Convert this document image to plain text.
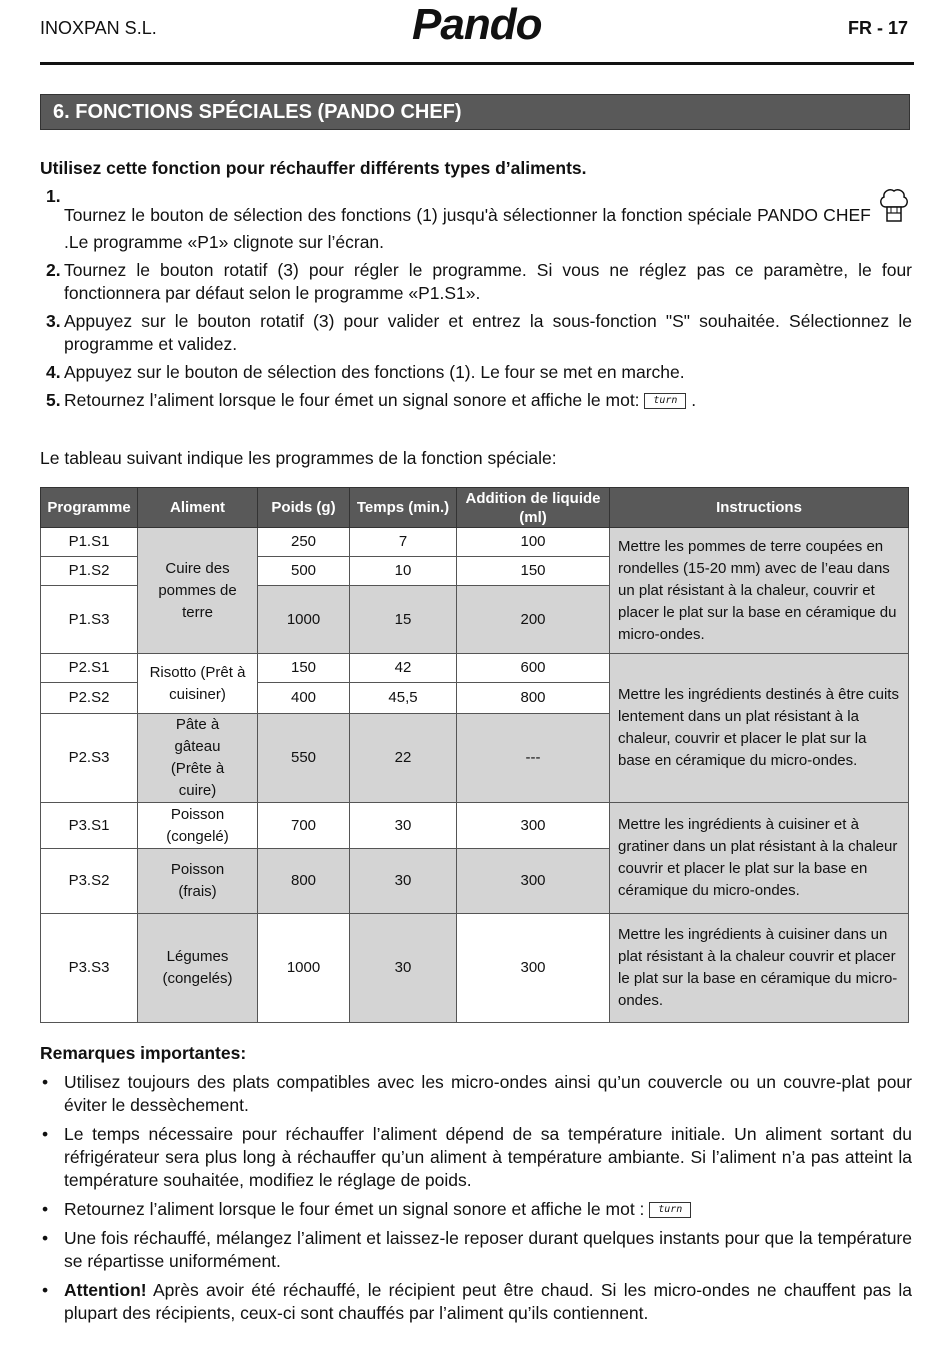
INOXPAN S.L.	Pando	FR - 17
6. FONCTIONS SPÉCIALES (PANDO CHEF)
Utilisez cette fonction pour réchauffer différents types d’aliments.
1.
Tournez le bouton de sélection des fonctions (1) jusqu'à sélectionner la fonction spéciale PANDO CHEF .Le programme «P1» clignote sur l’écran.
2. Tournez le bouton rotatif (3) pour régler le programme. Si vous ne réglez pas ce paramètre, le four fonctionnera par défaut selon le programme «P1.S1».
3. Appuyez sur le bouton rotatif (3) pour valider et entrez la sous-fonction "S" souhaitée. Sélectionnez le programme et validez.
4. Appuyez sur le bouton de sélection des fonctions (1). Le four se met en marche.
5. Retournez l’aliment lorsque le four émet un signal sonore et affiche le mot: turn .
Le tableau suivant indique les programmes de la fonction spéciale:
Programme	Aliment	Poids (g)	Temps (min.)	Addition de liquide (ml)	Instructions
P1.S1	Cuire des pommes de terre	250	7	100	Mettre les pommes de terre coupées en rondelles (15-20 mm) avec de l’eau dans un plat résistant à la chaleur, couvrir et placer le plat sur la base en céramique du micro-ondes.
P1.S2		500	10	150	
P1.S3		1000	15	200	
P2.S1	Risotto (Prêt à cuisiner)	150	42	600	Mettre les ingrédients destinés à être cuits lentement dans un plat résistant à la chaleur, couvrir et placer le plat sur la base en céramique du micro-ondes.
P2.S2		400	45,5	800	
P2.S3	Pâte à gâteau (Prête à cuire)	550	22	---	
P3.S1	Poisson (congelé)	700	30	300	Mettre les ingrédients à cuisiner et à gratiner dans un plat résistant à la chaleur couvrir et placer le plat sur la base en céramique du micro-ondes.
P3.S2	Poisson (frais)	800	30	300	
P3.S3	Légumes (congelés)	1000	30	300	Mettre les ingrédients à cuisiner dans un plat résistant à la chaleur couvrir et placer le plat sur la base en céramique du micro-ondes.
Remarques importantes:
• Utilisez toujours des plats compatibles avec les micro-ondes ainsi qu’un couvercle ou un couvre-plat pour éviter le dessèchement.
• Le temps nécessaire pour réchauffer l’aliment dépend de sa température initiale. Un aliment sortant du réfrigérateur sera plus long à réchauffer qu’un aliment à température ambiante. Si l’aliment n’a pas atteint la température souhaitée, modifiez le réglage de poids.
• Retournez l’aliment lorsque le four émet un signal sonore et affiche le mot : turn
• Une fois réchauffé, mélangez l’aliment et laissez-le reposer durant quelques instants pour que la température se répartisse uniformément.
• Attention! Après avoir été réchauffé, le récipient peut être chaud. Si les micro-ondes ne chauffent pas la plupart des récipients, ceux-ci sont chauffés par l’aliment qu’ils contiennent.
